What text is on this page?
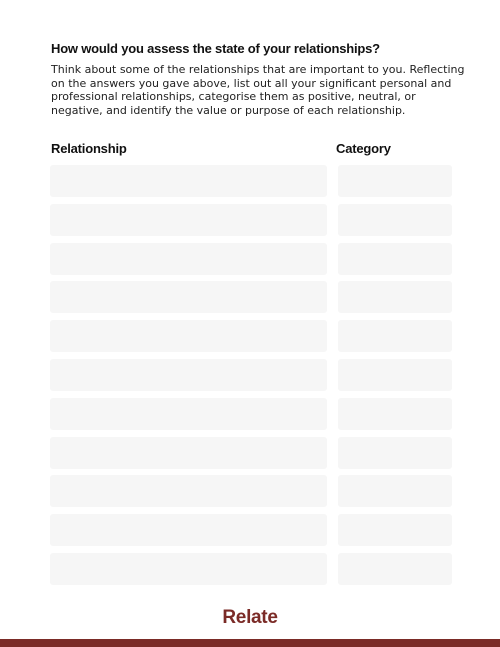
How would you assess the state of your relationships?

Think about some of the relationships that are important to you. Reflecting on the answers you gave above, list out all your significant personal and professional relationships, categorise them as positive, neutral, or negative, and identify the value or purpose of each relationship.

Relationship	Category
Relate
